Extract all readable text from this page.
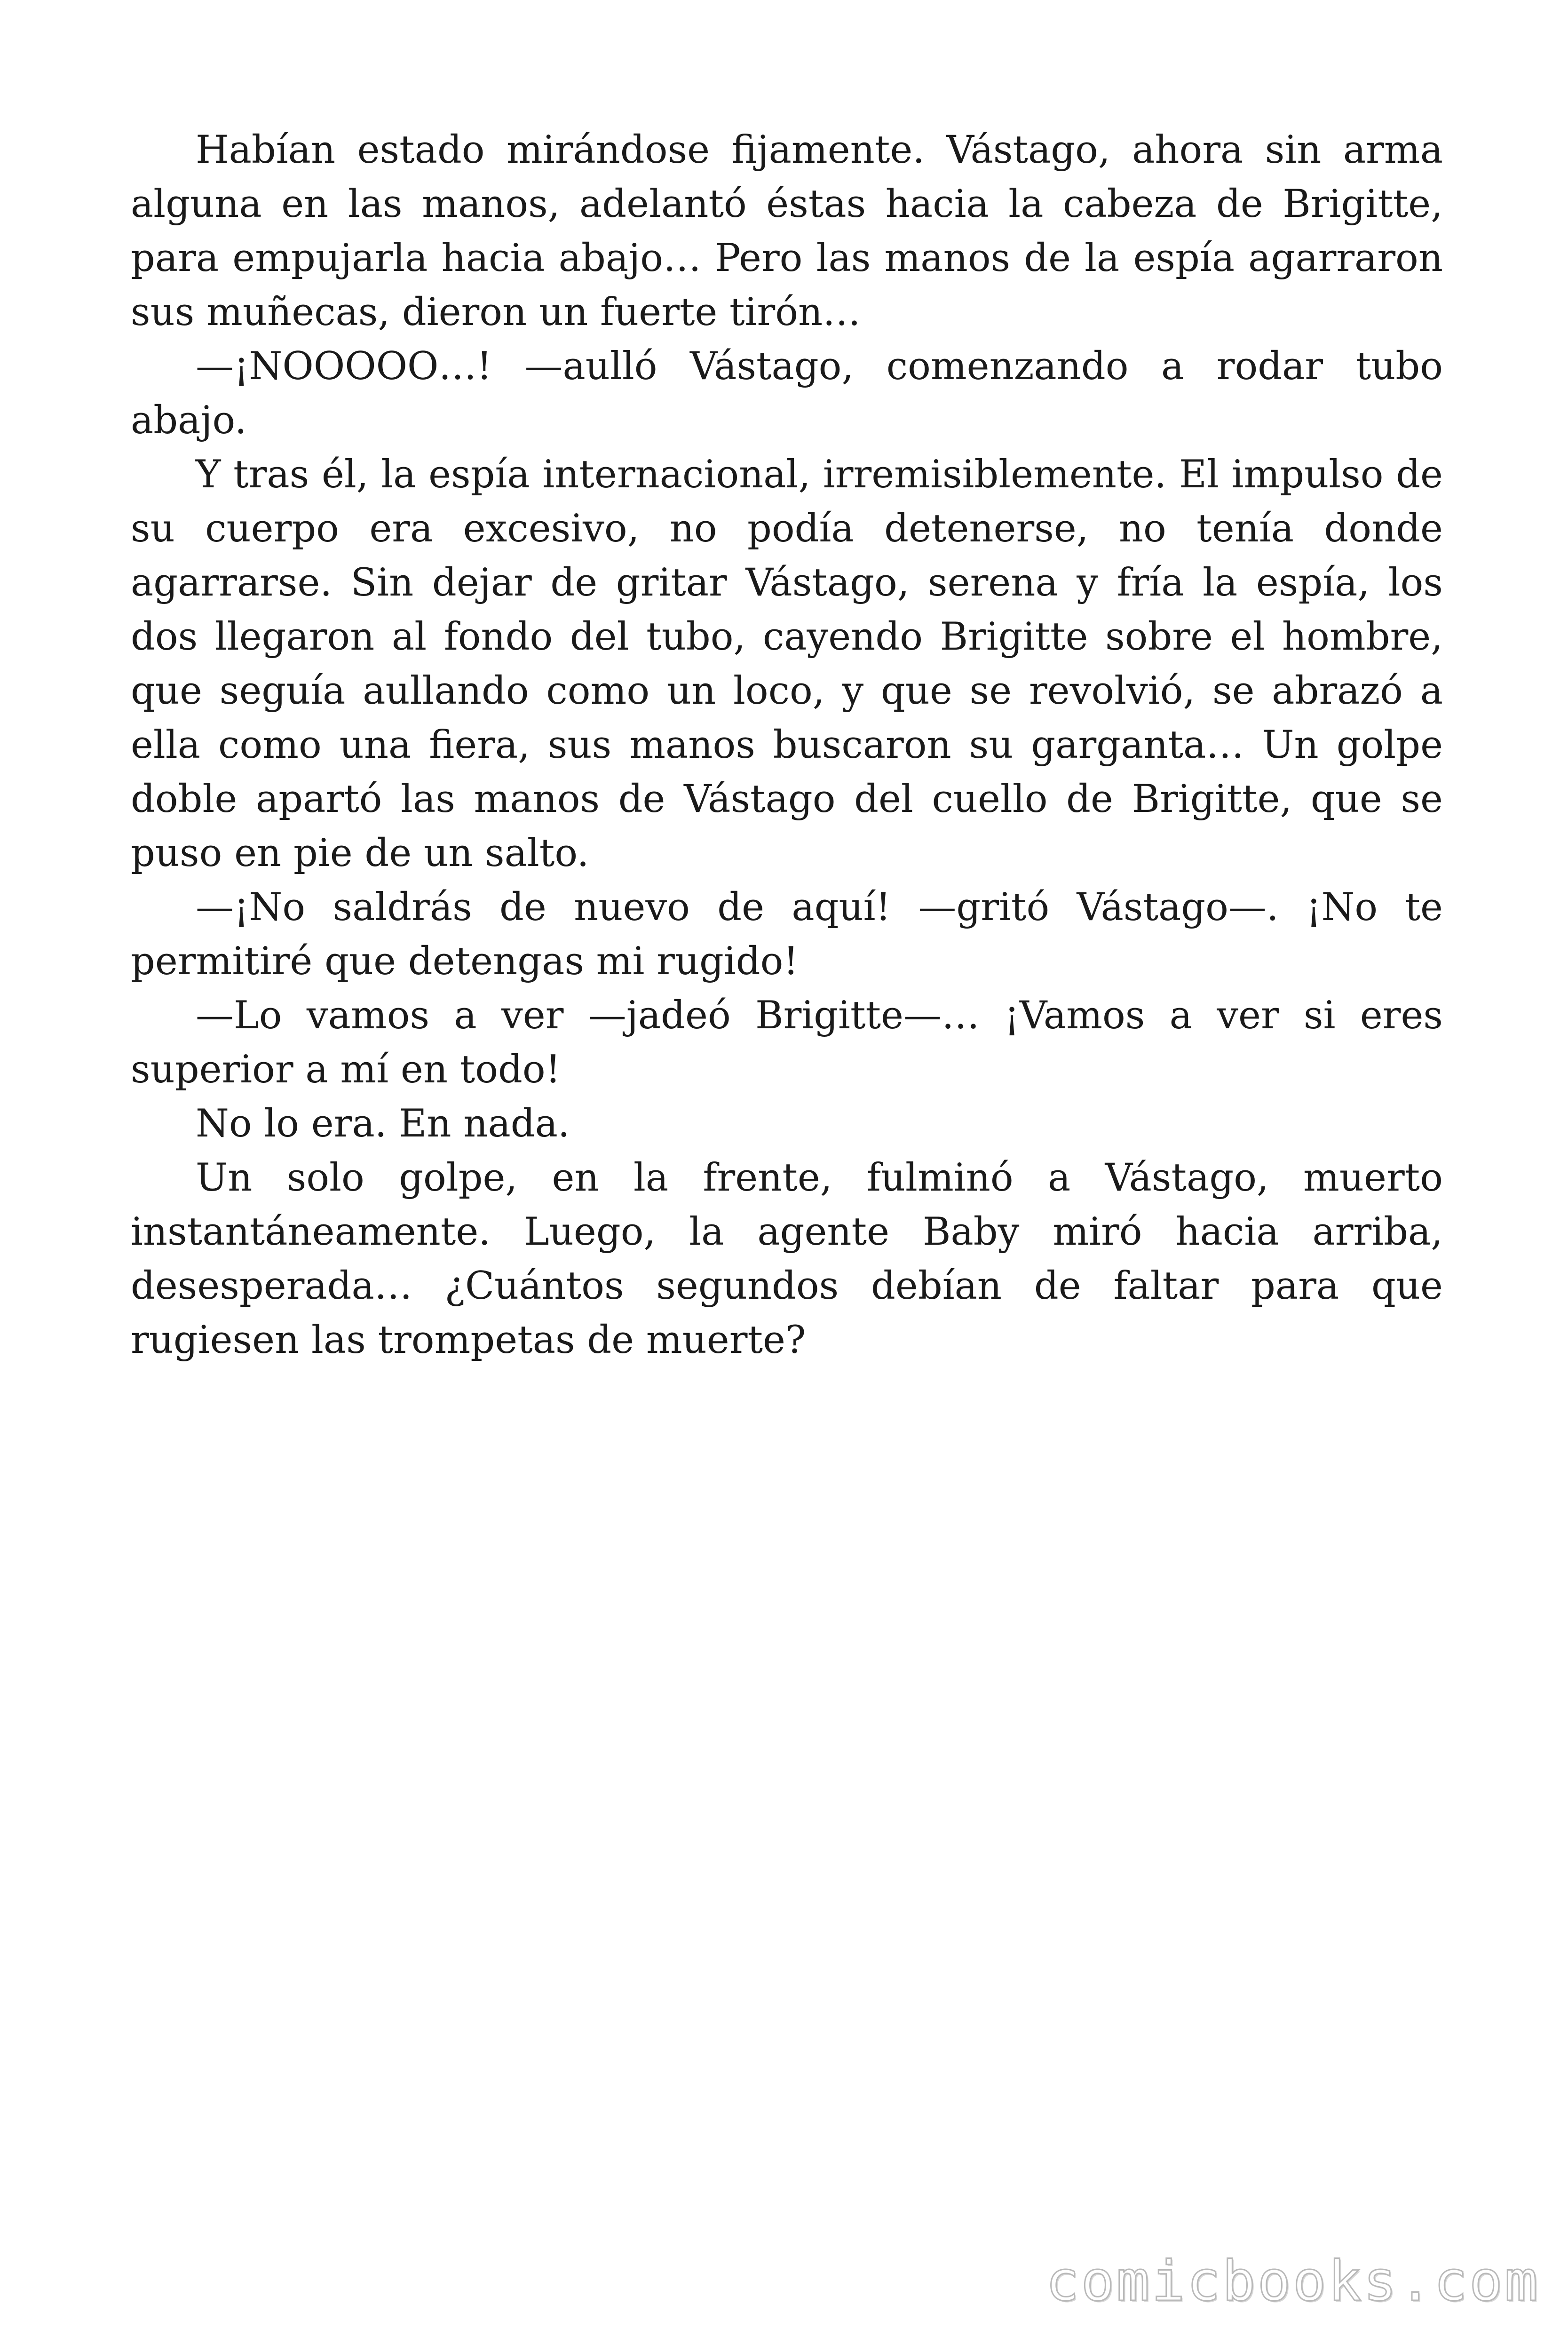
Habían estado mirándose fijamente. Vástago, ahora sin arma alguna en las manos, adelantó éstas hacia la cabeza de Brigitte, para empujarla hacia abajo… Pero las manos de la espía agarraron sus muñecas, dieron un fuerte tirón…

—¡NOOOOO…! —aulló Vástago, comenzando a rodar tubo abajo.

Y tras él, la espía internacional, irremisiblemente. El impulso de su cuerpo era excesivo, no podía detenerse, no tenía donde agarrarse. Sin dejar de gritar Vástago, serena y fría la espía, los dos llegaron al fondo del tubo, cayendo Brigitte sobre el hombre, que seguía aullando como un loco, y que se revolvió, se abrazó a ella como una fiera, sus manos buscaron su garganta… Un golpe doble apartó las manos de Vástago del cuello de Brigitte, que se puso en pie de un salto.

—¡No saldrás de nuevo de aquí! —gritó Vástago—. ¡No te permitiré que detengas mi rugido!

—Lo vamos a ver —jadeó Brigitte—… ¡Vamos a ver si eres superior a mí en todo!

No lo era. En nada.

Un solo golpe, en la frente, fulminó a Vástago, muerto instantáneamente. Luego, la agente Baby miró hacia arriba, desesperada… ¿Cuántos segundos debían de faltar para que rugiesen las trompetas de muerte?

comicbooks.com
